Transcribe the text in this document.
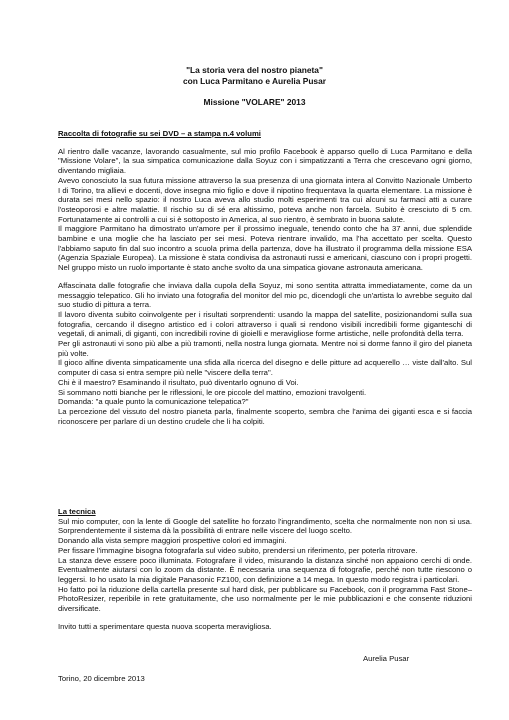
"La storia vera del nostro pianeta"
con Luca Parmitano e Aurelia Pusar
Missione "VOLARE" 2013

Raccolta di fotografie su sei DVD – a stampa n.4 volumi

Al rientro dalle vacanze, lavorando casualmente, sul mio profilo Facebook è apparso quello di Luca Parmitano e della "Missione Volare", la sua simpatica comunicazione dalla Soyuz con i simpatizzanti a Terra che crescevano ogni giorno, diventando migliaia.

Avevo conosciuto la sua futura missione attraverso la sua presenza di una giornata intera al Convitto Nazionale Umberto I di Torino, tra allievi e docenti, dove insegna mio figlio e dove il nipotino frequentava la quarta elementare. La missione è durata sei mesi nello spazio: il nostro Luca aveva allo studio molti esperimenti tra cui alcuni su farmaci atti a curare l'osteoporosi e altre malattie. Il rischio su di sé era altissimo, poteva anche non farcela. Subito è cresciuto di 5 cm. Fortunatamente ai controlli a cui si è sottoposto in America, al suo rientro, è sembrato in buona salute.

Il maggiore Parmitano ha dimostrato un'amore per il prossimo ineguale, tenendo conto che ha 37 anni, due splendide bambine e una moglie che ha lasciato per sei mesi. Poteva rientrare invalido, ma l'ha accettato per scelta. Questo l'abbiamo saputo fin dal suo incontro a scuola prima della partenza, dove ha illustrato il programma della missione ESA (Agenzia Spaziale Europea). La missione è stata condivisa da astronauti russi e americani, ciascuno con i propri progetti. Nel gruppo misto un ruolo importante è stato anche svolto da una simpatica giovane astronauta americana.

Affascinata dalle fotografie che inviava dalla cupola della Soyuz, mi sono sentita attratta immediatamente, come da un messaggio telepatico. Gli ho inviato una fotografia del monitor del mio pc, dicendogli che un'artista lo avrebbe seguito dal suo studio di pittura a terra.

Il lavoro diventa subito coinvolgente per i risultati sorprendenti: usando la mappa del satellite, posizionandomi sulla sua fotografia, cercando il disegno artistico ed i colori attraverso i quali si rendono visibili incredibili forme giganteschi di vegetali, di animali, di giganti, con incredibili rovine di gioielli e meravigliose forme artistiche, nelle profondità della terra.

Per gli astronauti vi sono più albe a più tramonti, nella nostra lunga giornata. Mentre noi si dorme fanno il giro del pianeta più volte.

Il gioco alfine diventa simpaticamente una sfida alla ricerca del disegno e delle pitture ad acquerello … viste dall'alto. Sul computer di casa si entra sempre più nelle "viscere della terra".

Chi è il maestro? Esaminando il risultato, può diventarlo ognuno di Voi.

Si sommano notti bianche per le riflessioni, le ore piccole del mattino, emozioni travolgenti.

Domanda: "a quale punto la comunicazione telepatica?"

La percezione del vissuto del nostro pianeta parla, finalmente scoperto, sembra che l'anima dei giganti esca e si faccia riconoscere per parlare di un destino crudele che li ha colpiti.

La tecnica

Sul mio computer, con la lente di Google del satellite ho forzato l'ingrandimento, scelta che normalmente non non si usa. Sorprendentemente il sistema dà la possibilità di entrare nelle viscere del luogo scelto.

Donando alla vista sempre maggiori prospettive colori ed immagini.

Per fissare l'immagine bisogna fotografarla sul video subito, prendersi un riferimento, per poterla ritrovare.

La stanza deve essere poco illuminata. Fotografare il video, misurando la distanza sinché non appaiono cerchi di onde. Eventualmente aiutarsi con lo zoom da distante. È necessaria una sequenza di fotografie, perché non tutte riescono o leggersi. Io ho usato la mia digitale Panasonic FZ100, con definizione a 14 mega. In questo modo registra i particolari.

Ho fatto poi la riduzione della cartella presente sul hard disk, per pubblicare su Facebook, con il programma Fast Stone–PhotoResizer, reperibile in rete gratuitamente, che uso normalmente per le mie pubblicazioni e che consente riduzioni diversificate.

Invito tutti a sperimentare questa nuova scoperta meravigliosa.

Aurelia Pusar
Torino, 20 dicembre 2013
